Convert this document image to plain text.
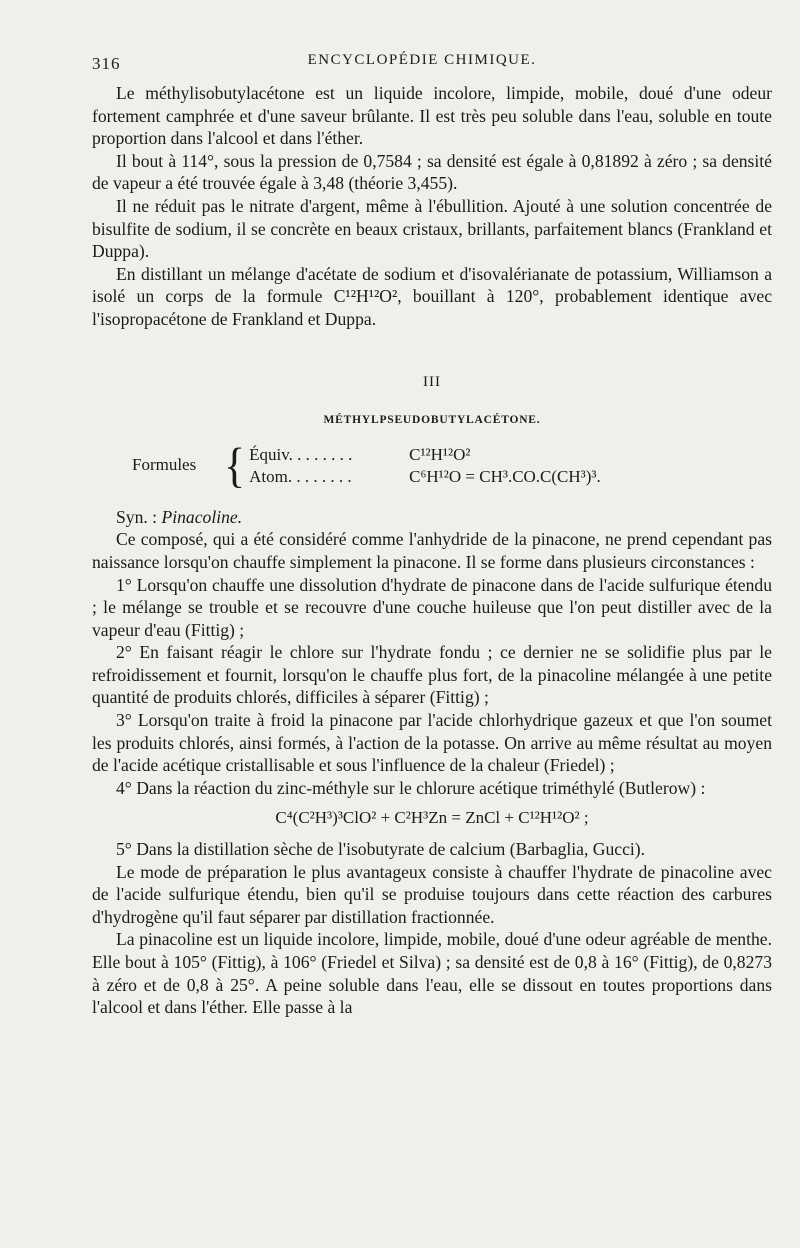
316	ENCYCLOPÉDIE CHIMIQUE.

Le méthylisobutylacétone est un liquide incolore, limpide, mobile, doué d'une odeur fortement camphrée et d'une saveur brûlante. Il est très peu soluble dans l'eau, soluble en toute proportion dans l'alcool et dans l'éther.

Il bout à 114°, sous la pression de 0,7584 ; sa densité est égale à 0,81892 à zéro ; sa densité de vapeur a été trouvée égale à 3,48 (théorie 3,455).

Il ne réduit pas le nitrate d'argent, même à l'ébullition. Ajouté à une solution concentrée de bisulfite de sodium, il se concrète en beaux cristaux, brillants, parfaitement blancs (Frankland et Duppa).

En distillant un mélange d'acétate de sodium et d'isovalérianate de potassium, Williamson a isolé un corps de la formule C¹²H¹²O², bouillant à 120°, probablement identique avec l'isopropacétone de Frankland et Duppa.

III
MÉTHYLPSEUDOBUTYLACÉTONE.
Formules { Équiv. . . . . . . .	C¹²H¹²O²
Atom. . . . . . . .	C⁶H¹²O = CH³.CO.C(CH³)³.

Syn. : Pinacoline.

Ce composé, qui a été considéré comme l'anhydride de la pinacone, ne prend cependant pas naissance lorsqu'on chauffe simplement la pinacone. Il se forme dans plusieurs circonstances :

1° Lorsqu'on chauffe une dissolution d'hydrate de pinacone dans de l'acide sulfurique étendu ; le mélange se trouble et se recouvre d'une couche huileuse que l'on peut distiller avec de la vapeur d'eau (Fittig) ;

2° En faisant réagir le chlore sur l'hydrate fondu ; ce dernier ne se solidifie plus par le refroidissement et fournit, lorsqu'on le chauffe plus fort, de la pinacoline mélangée à une petite quantité de produits chlorés, difficiles à séparer (Fittig) ;

3° Lorsqu'on traite à froid la pinacone par l'acide chlorhydrique gazeux et que l'on soumet les produits chlorés, ainsi formés, à l'action de la potasse. On arrive au même résultat au moyen de l'acide acétique cristallisable et sous l'influence de la chaleur (Friedel) ;

4° Dans la réaction du zinc-méthyle sur le chlorure acétique triméthylé (Butlerow) :

C⁴(C²H³)³ClO² + C²H³Zn = ZnCl + C¹²H¹²O² ;

5° Dans la distillation sèche de l'isobutyrate de calcium (Barbaglia, Gucci).

Le mode de préparation le plus avantageux consiste à chauffer l'hydrate de pinacoline avec de l'acide sulfurique étendu, bien qu'il se produise toujours dans cette réaction des carbures d'hydrogène qu'il faut séparer par distillation fractionnée.

La pinacoline est un liquide incolore, limpide, mobile, doué d'une odeur agréable de menthe. Elle bout à 105° (Fittig), à 106° (Friedel et Silva) ; sa densité est de 0,8 à 16° (Fittig), de 0,8273 à zéro et de 0,8 à 25°. A peine soluble dans l'eau, elle se dissout en toutes proportions dans l'alcool et dans l'éther. Elle passe à la
